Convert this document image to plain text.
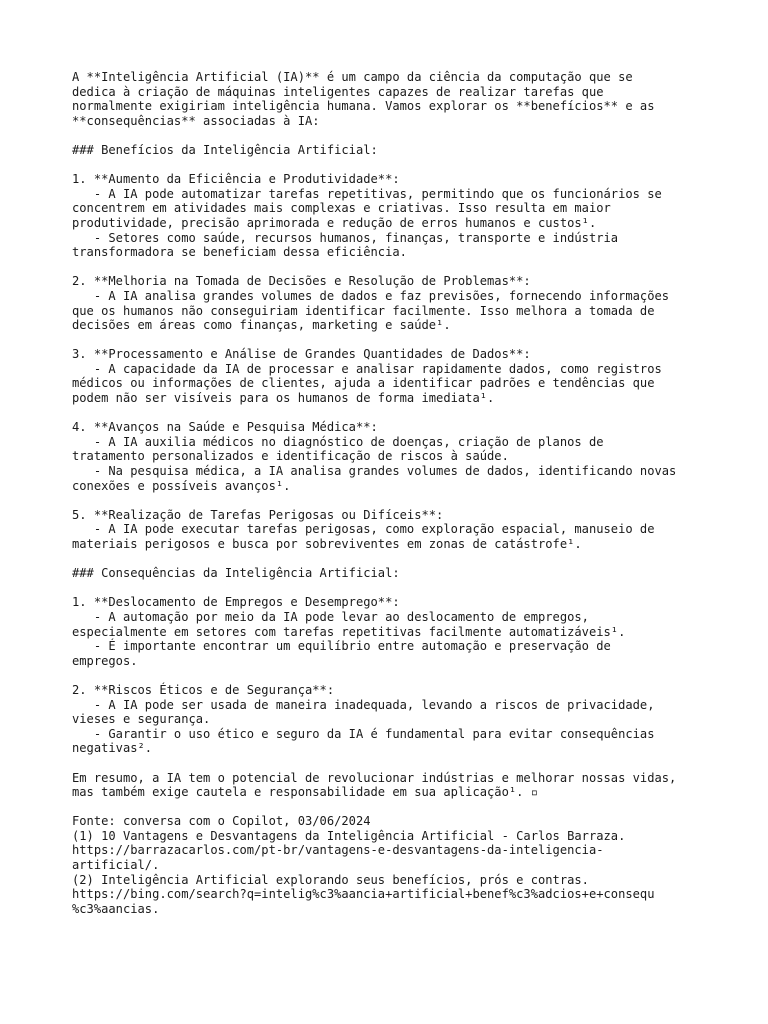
A **Inteligência Artificial (IA)** é um campo da ciência da computação que se
dedica à criação de máquinas inteligentes capazes de realizar tarefas que
normalmente exigiriam inteligência humana. Vamos explorar os **benefícios** e as
**consequências** associadas à IA:
### Benefícios da Inteligência Artificial:
1. **Aumento da Eficiência e Produtividade**:
- A IA pode automatizar tarefas repetitivas, permitindo que os funcionários se
concentrem em atividades mais complexas e criativas. Isso resulta em maior
produtividade, precisão aprimorada e redução de erros humanos e custos¹.
- Setores como saúde, recursos humanos, finanças, transporte e indústria
transformadora se beneficiam dessa eficiência.
2. **Melhoria na Tomada de Decisões e Resolução de Problemas**:
- A IA analisa grandes volumes de dados e faz previsões, fornecendo informações
que os humanos não conseguiriam identificar facilmente. Isso melhora a tomada de
decisões em áreas como finanças, marketing e saúde¹.
3. **Processamento e Análise de Grandes Quantidades de Dados**:
- A capacidade da IA de processar e analisar rapidamente dados, como registros
médicos ou informações de clientes, ajuda a identificar padrões e tendências que
podem não ser visíveis para os humanos de forma imediata¹.
4. **Avanços na Saúde e Pesquisa Médica**:
- A IA auxilia médicos no diagnóstico de doenças, criação de planos de
tratamento personalizados e identificação de riscos à saúde.
- Na pesquisa médica, a IA analisa grandes volumes de dados, identificando novas
conexões e possíveis avanços¹.
5. **Realização de Tarefas Perigosas ou Difíceis**:
- A IA pode executar tarefas perigosas, como exploração espacial, manuseio de
materiais perigosos e busca por sobreviventes em zonas de catástrofe¹.
### Consequências da Inteligência Artificial:
1. **Deslocamento de Empregos e Desemprego**:
- A automação por meio da IA pode levar ao deslocamento de empregos,
especialmente em setores com tarefas repetitivas facilmente automatizáveis¹.
- É importante encontrar um equilíbrio entre automação e preservação de
empregos.
2. **Riscos Éticos e de Segurança**:
- A IA pode ser usada de maneira inadequada, levando a riscos de privacidade,
vieses e segurança.
- Garantir o uso ético e seguro da IA é fundamental para evitar consequências
negativas².
Em resumo, a IA tem o potencial de revolucionar indústrias e melhorar nossas vidas,
mas também exige cautela e responsabilidade em sua aplicação¹. ▫
Fonte: conversa com o Copilot, 03/06/2024
(1) 10 Vantagens e Desvantagens da Inteligência Artificial - Carlos Barraza.
https://barrazacarlos.com/pt-br/vantagens-e-desvantagens-da-inteligencia-
artificial/.
(2) Inteligência Artificial explorando seus benefícios, prós e contras.
https://bing.com/search?q=intelig%c3%aancia+artificial+benef%c3%adcios+e+consequ
%c3%aancias.
